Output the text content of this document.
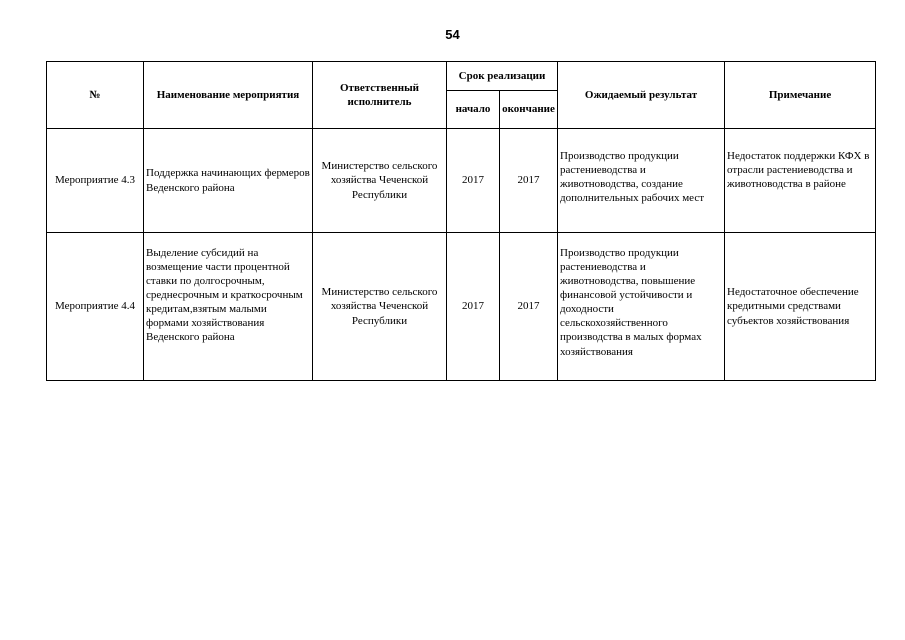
54
№	Наименование мероприятия	Ответственный исполнитель	Срок реализации		Ожидаемый результат	Примечание
			начало	окончание		
Мероприятие 4.3	Поддержка начинающих фермеров Веденского района	Министерство сельского хозяйства Чеченской Республики	2017	2017	Производство продукции растениеводства и животноводства, создание дополнительных рабочих мест	Недостаток поддержки КФХ в отрасли растениеводства и животноводства в районе
Мероприятие 4.4	Выделение субсидий на возмещение части процентной ставки по долгосрочным, среднесрочным и краткосрочным кредитам,взятым малыми формами хозяйствования Веденского района	Министерство сельского хозяйства Чеченской Республики	2017	2017	Производство продукции растениеводства и животноводства, повышение финансовой устойчивости и доходности сельскохозяйственного производства в малых формах хозяйствования	Недостаточное обеспечение кредитными средствами субъектов хозяйствования
